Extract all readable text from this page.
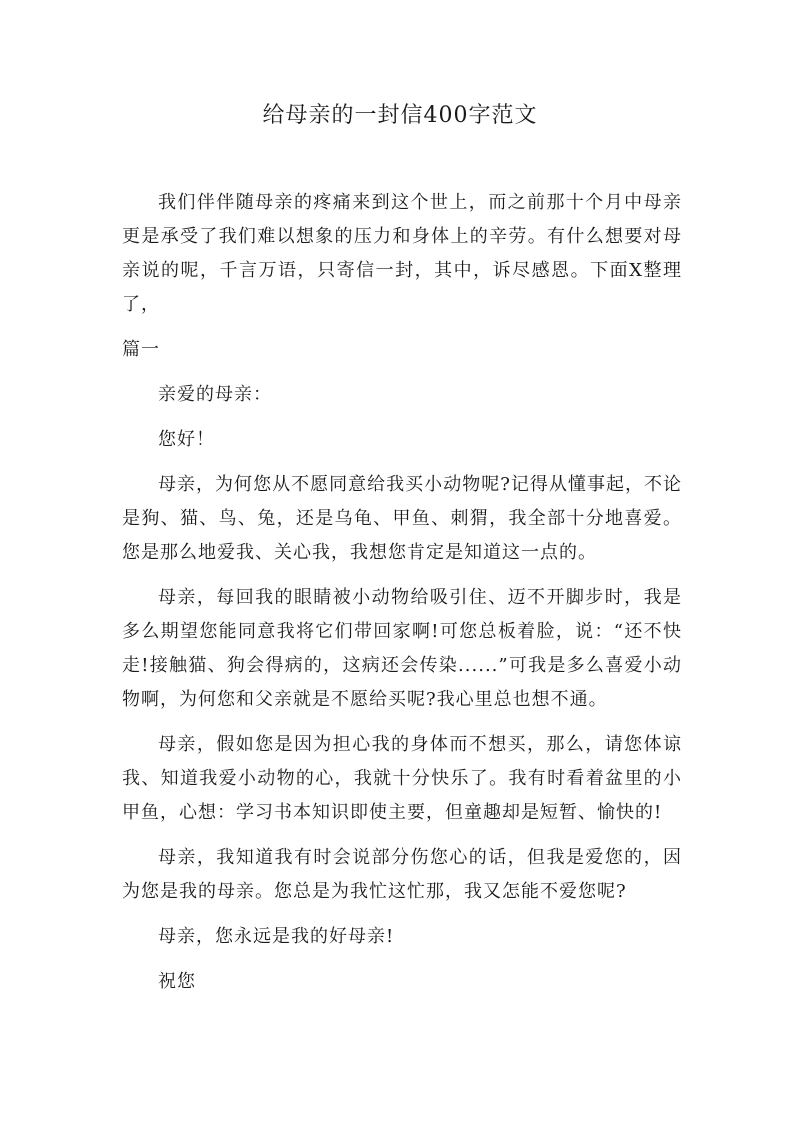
给母亲的一封信400字范文

我们伴伴随母亲的疼痛来到这个世上，而之前那十个月中母亲更是承受了我们难以想象的压力和身体上的辛劳。有什么想要对母亲说的呢，千言万语，只寄信一封，其中，诉尽感恩。下面X整理了，

篇一

亲爱的母亲：

您好！

母亲，为何您从不愿同意给我买小动物呢?记得从懂事起，不论是狗、猫、鸟、兔，还是乌龟、甲鱼、刺猬，我全部十分地喜爱。您是那么地爱我、关心我，我想您肯定是知道这一点的。

母亲，每回我的眼睛被小动物给吸引住、迈不开脚步时，我是多么期望您能同意我将它们带回家啊!可您总板着脸，说：“还不快走!接触猫、狗会得病的，这病还会传染......”可我是多么喜爱小动物啊，为何您和父亲就是不愿给买呢?我心里总也想不通。

母亲，假如您是因为担心我的身体而不想买，那么，请您体谅我、知道我爱小动物的心，我就十分快乐了。我有时看着盆里的小甲鱼，心想：学习书本知识即使主要，但童趣却是短暂、愉快的!

母亲，我知道我有时会说部分伤您心的话，但我是爱您的，因为您是我的母亲。您总是为我忙这忙那，我又怎能不爱您呢?

母亲，您永远是我的好母亲!

祝您
